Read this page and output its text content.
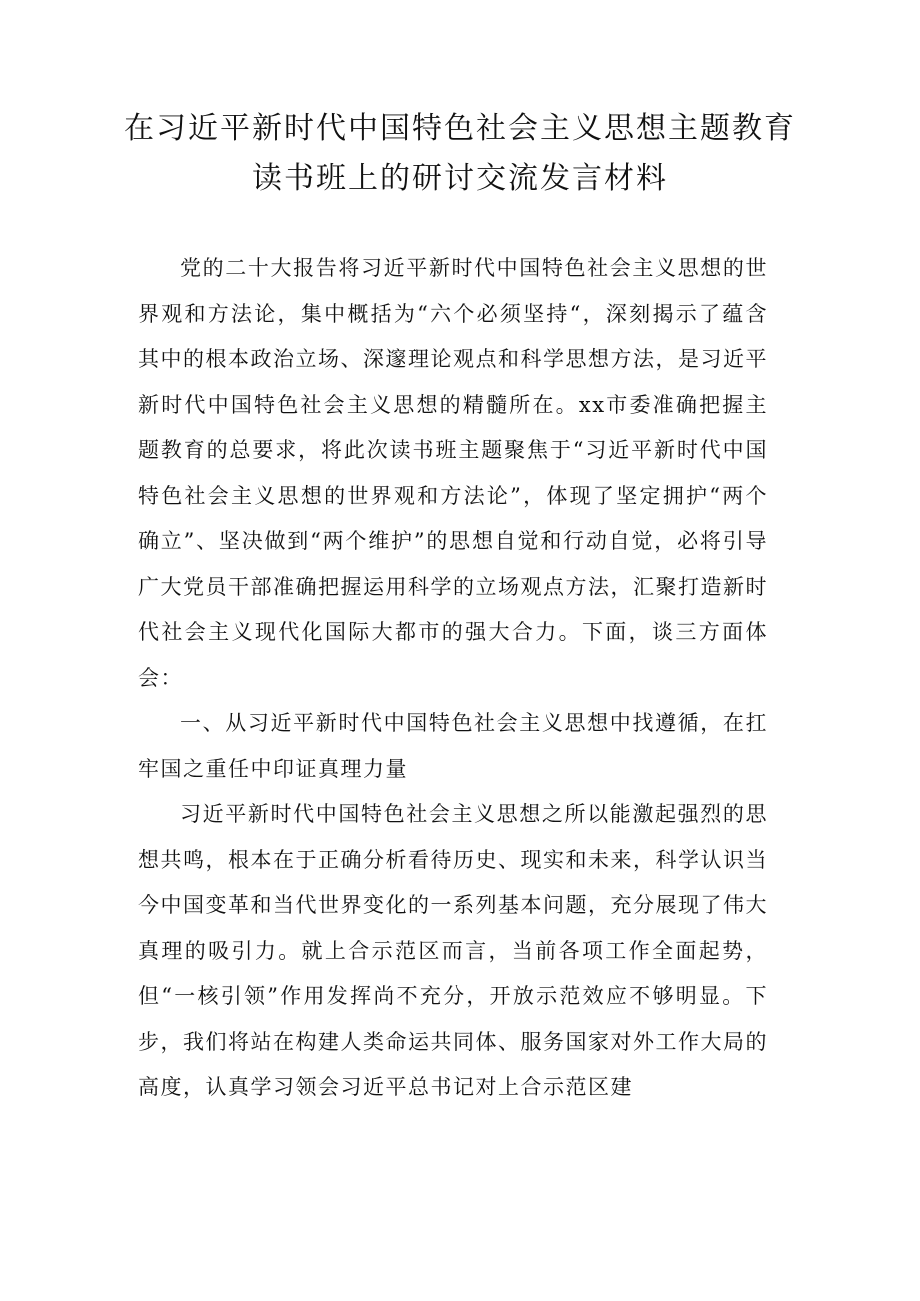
在习近平新时代中国特色社会主义思想主题教育读书班上的研讨交流发言材料

党的二十大报告将习近平新时代中国特色社会主义思想的世界观和方法论，集中概括为“六个必须坚持“，深刻揭示了蕴含其中的根本政治立场、深邃理论观点和科学思想方法，是习近平新时代中国特色社会主义思想的精髓所在。xx市委准确把握主题教育的总要求，将此次读书班主题聚焦于“习近平新时代中国特色社会主义思想的世界观和方法论”，体现了坚定拥护“两个确立”、坚决做到“两个维护”的思想自觉和行动自觉，必将引导广大党员干部准确把握运用科学的立场观点方法，汇聚打造新时代社会主义现代化国际大都市的强大合力。下面，谈三方面体会：

一、从习近平新时代中国特色社会主义思想中找遵循，在扛牢国之重任中印证真理力量

习近平新时代中国特色社会主义思想之所以能激起强烈的思想共鸣，根本在于正确分析看待历史、现实和未来，科学认识当今中国变革和当代世界变化的一系列基本问题，充分展现了伟大真理的吸引力。就上合示范区而言，当前各项工作全面起势，但“一核引领”作用发挥尚不充分，开放示范效应不够明显。下步，我们将站在构建人类命运共同体、服务国家对外工作大局的高度，认真学习领会习近平总书记对上合示范区建
